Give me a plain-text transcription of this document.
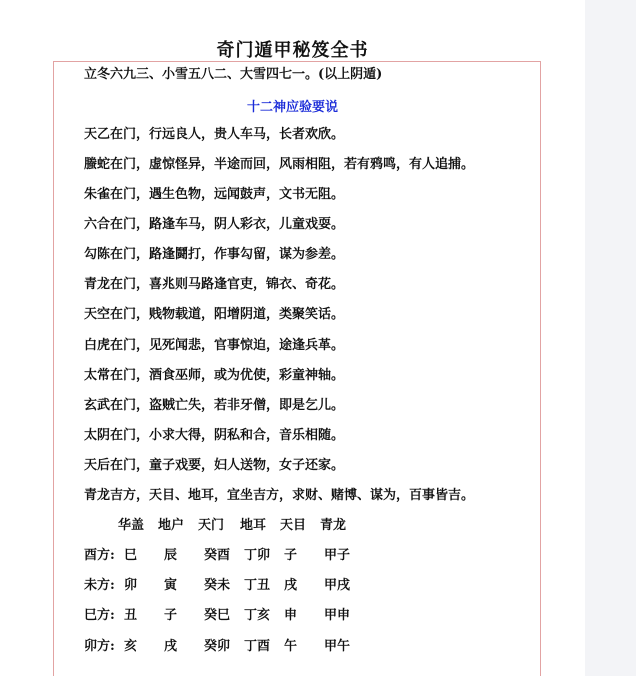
奇门遁甲秘笈全书

立冬六九三、小雪五八二、大雪四七一。(以上阴遁)

十二神应验要说

天乙在门，行远良人，贵人车马，长者欢欣。

螣蛇在门，虚惊怪异，半途而回，风雨相阻，若有鸦鸣，有人追捕。

朱雀在门，遇生色物，远闻鼓声，文书无阻。

六合在门，路逢车马，阴人彩衣，儿童戏耍。

勾陈在门，路逢鬪打，作事勾留，谋为参差。

青龙在门，喜兆则马路逢官吏，锦衣、奇花。

天空在门，贱物载道，阳增阴道，类聚笑话。

白虎在门，见死闻悲，官事惊迫，途逢兵革。

太常在门，酒食巫师，或为优使，彩童神轴。

玄武在门，盗贼亡失，若非牙僧，即是乞儿。

太阴在门，小求大得，阴私和合，音乐相随。

天后在门，童子戏要，妇人送物，女子还家。

青龙吉方，天目、地耳，宜坐吉方，求财、赌博、谋为，百事皆吉。

华盖 地户 天门 地耳 天目 青龙
酉方: 巳 辰 癸酉 丁卯 子 甲子
未方: 卯 寅 癸未 丁丑 戌 甲戌
巳方: 丑 子 癸巳 丁亥 申 甲申
卯方: 亥 戌 癸卯 丁酉 午 甲午
